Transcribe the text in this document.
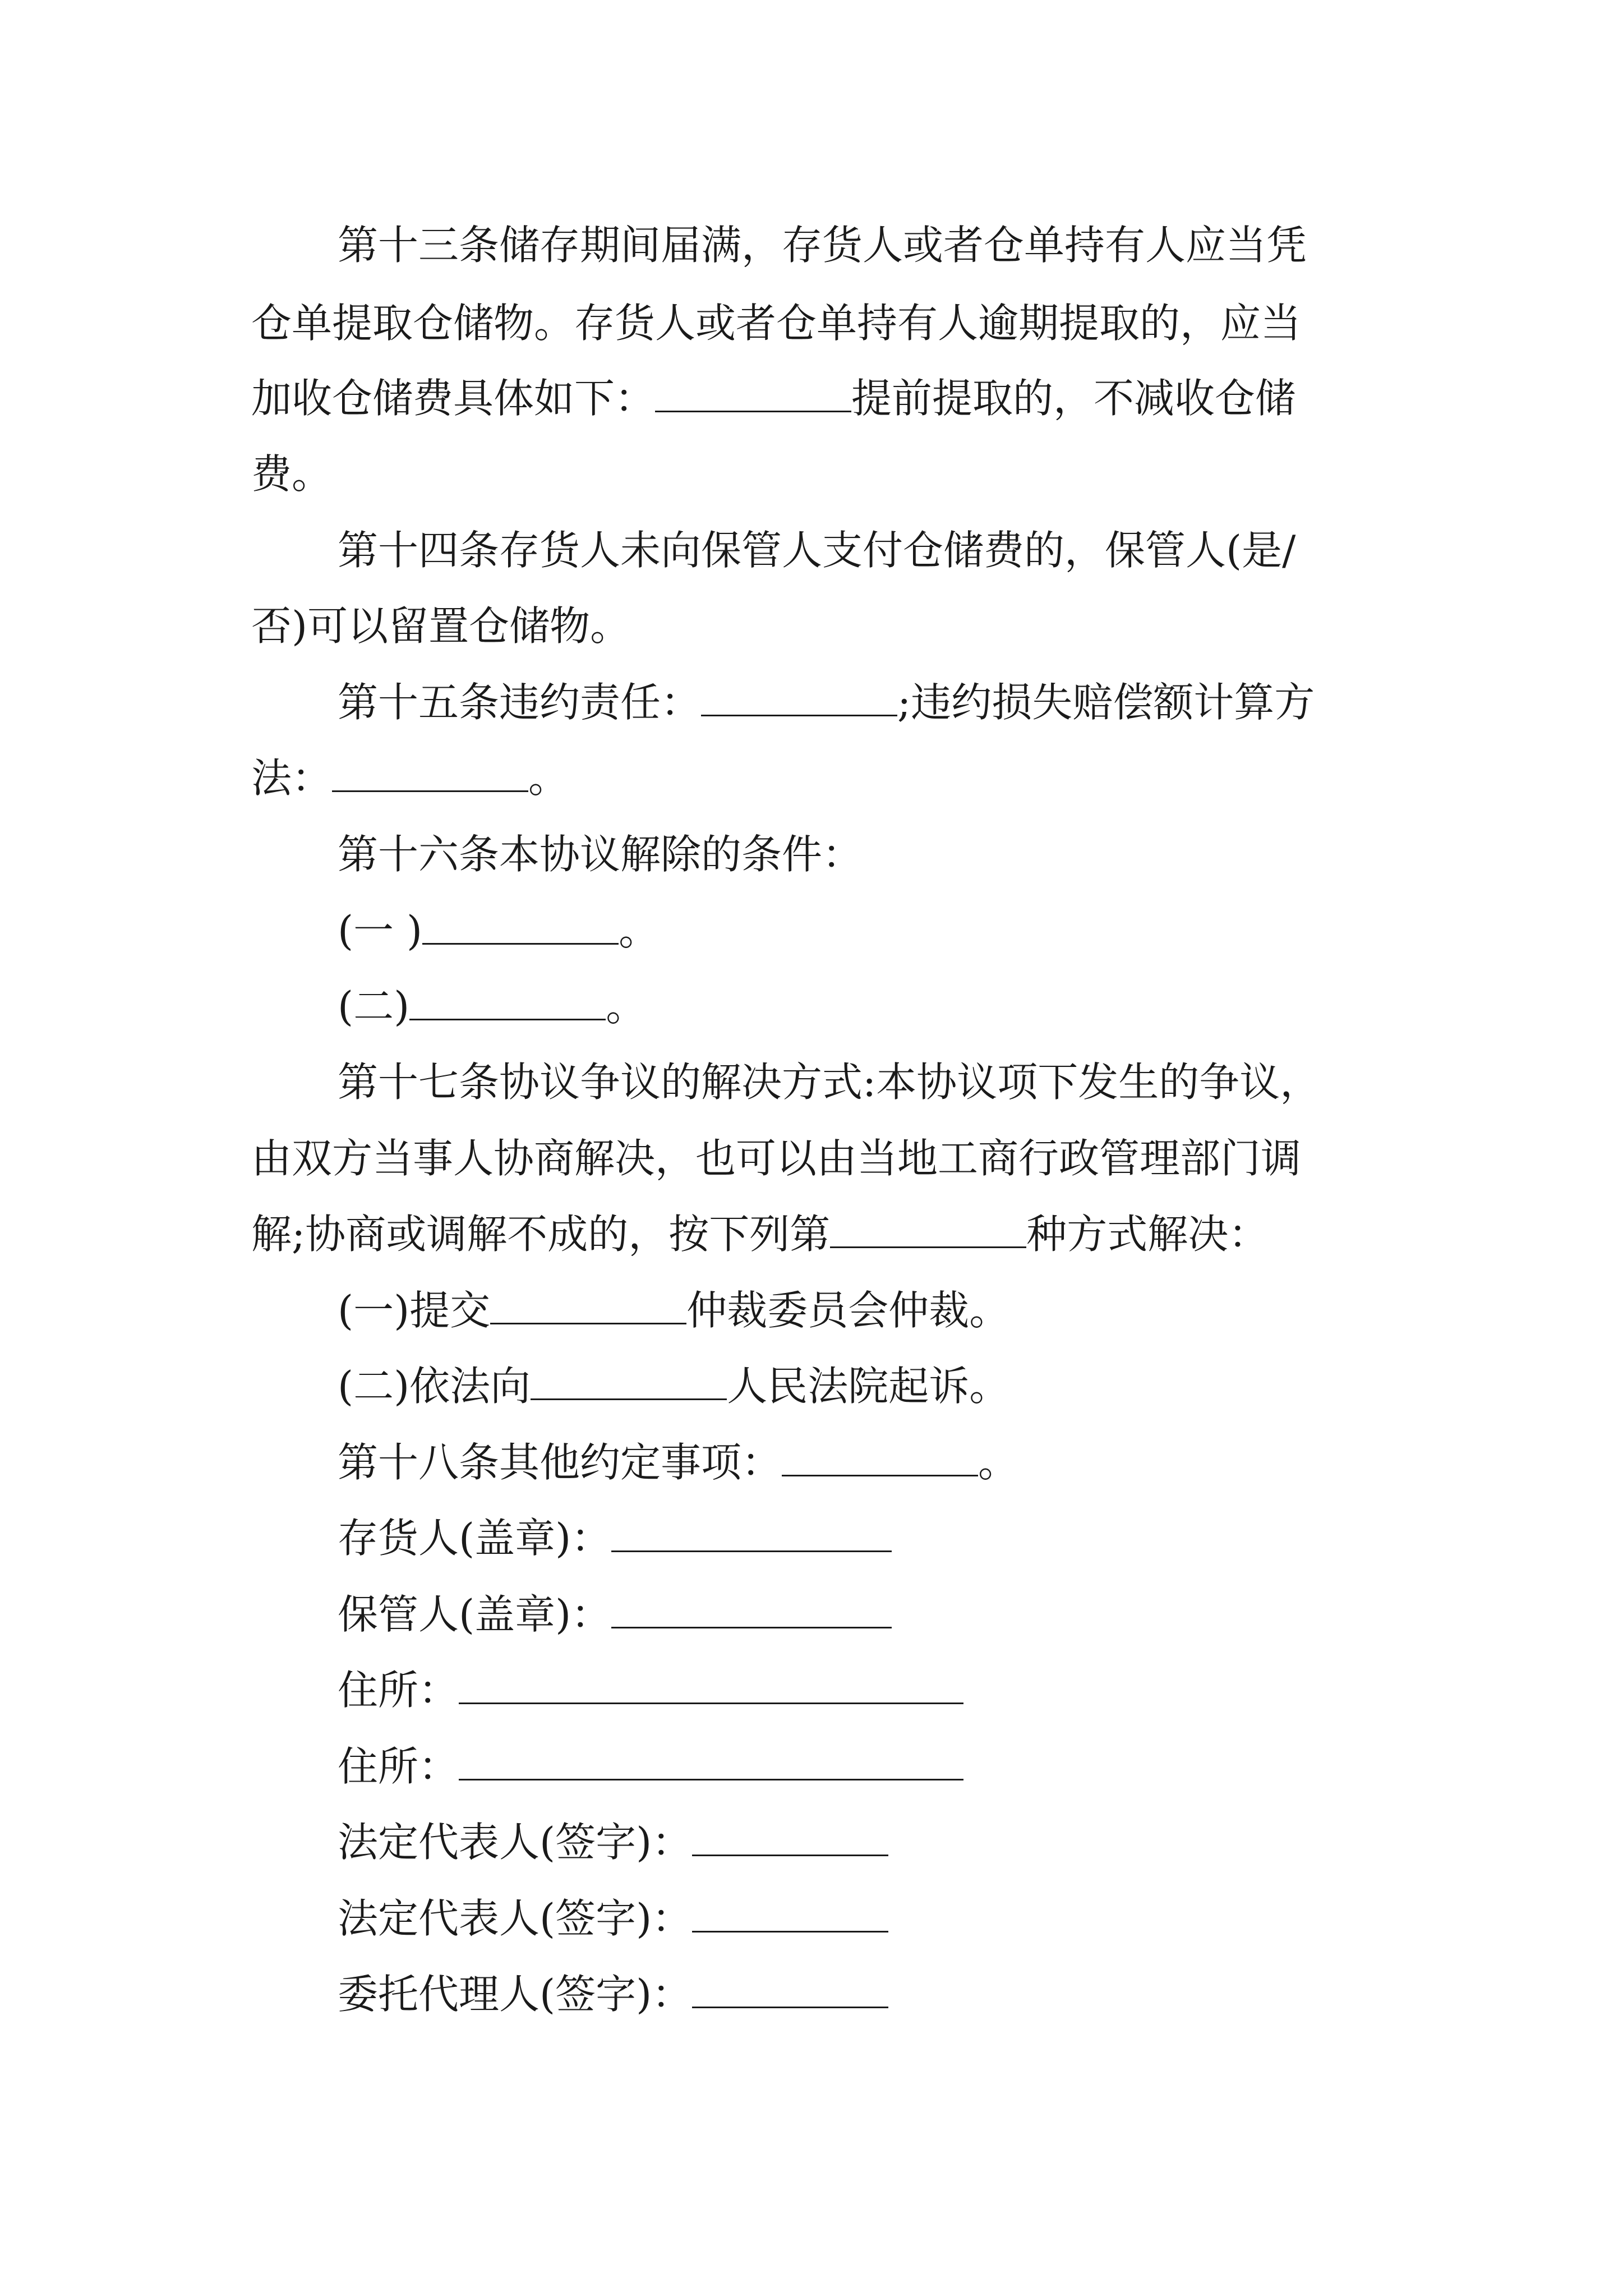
第十三条储存期间届满，存货人或者仓单持有人应当凭
仓单提取仓储物。存货人或者仓单持有人逾期提取的，应当
加收仓储费具体如下：	提前提取的，不减收仓储
费。
第十四条存货人未向保管人支付仓储费的，保管人(是/
否)可以留置仓储物。
第十五条违约责任：	;违约损失赔偿额计算方
法：	。
第十六条本协议解除的条件：
(一 )	。
(二)	。
第十七条协议争议的解决方式:本协议项下发生的争议，
由双方当事人协商解决，也可以由当地工商行政管理部门调
解;协商或调解不成的，按下列第	种方式解决：
(一)提交	仲裁委员会仲裁。
(二)依法向	人民法院起诉。
第十八条其他约定事项：	。
存货人(盖章)：
保管人(盖章)：
住所：
住所：
法定代表人(签字)：
法定代表人(签字)：
委托代理人(签字)：
